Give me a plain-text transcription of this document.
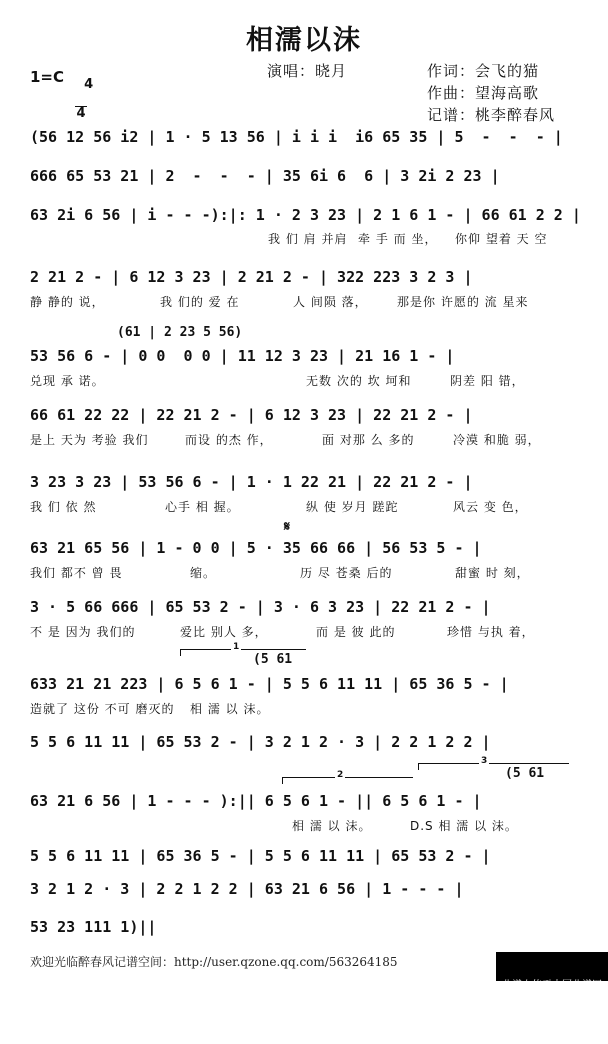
相濡以沫
演唱：晓月	作词：会飞的猫
作曲：望海高歌
记谱：桃李醉春风
1=C	4

4

(56 12 56 i2 | 1 · 5 13 56 | i i i  i6 65 35 | 5  -  -  - |
666 65 53 21 | 2  -  -  - | 35 6i 6  6 | 3 2i 2 23 |
63 2i 6 56 | i - - -):|: 1 · 2 3 23 | 2 1 6 1 - | 66 61 2 2 |
我 们 肩 并肩 牵 手 而 坐， 你仰 望着 天 空
2 21 2 - | 6 12 3 23 | 2 21 2 - | 322 223 3 2 3 |
静 静的 说，	我 们的 爱 在	人 间陨 落， 那是你 许愿的 流 星来
(61 | 2 23 5 56)
53 56 6 - | 0 0  0 0 | 11 12 3 23 | 21 16 1 - |
兑现 承 诺。	无数 次的 坎 坷和	阴差 阳 错，
66 61 22 22 | 22 21 2 - | 6 12 3 23 | 22 21 2 - |
是上 天为 考验 我们	而设 的杰 作，	面 对那 么 多的	冷漠 和脆 弱，
3 23 3 23 | 53 56 6 - | 1 · 1 22 21 | 22 21 2 - |
我 们 依 然	心手 相 握。	纵 使 岁月 蹉跎	风云 变 色，
𝄋
63 21 65 56 | 1 - 0 0 | 5 · 35 66 66 | 56 53 5 - |
我们 都不 曾 畏	缩。	历 尽 苍桑 后的	甜蜜 时 刻，
3 · 5 66 666 | 65 53 2 - | 3 · 6 3 23 | 22 21 2 - |
不 是 因为 我们的	爱比 别人 多，	而 是 彼 此的	珍惜 与执 着，
1
(5 61
633 21 21 223 | 6 5 6 1 - | 5 5 6 11 11 | 65 36 5 - |
造就了 这份 不可 磨灭的 相 濡 以 沫。
5 5 6 11 11 | 65 53 2 - | 3 2 1 2 · 3 | 2 2 1 2 2 |
2
3
(5 61
63 21 6 56 | 1 - - - ):|| 6 5 6 1 - || 6 5 6 1 - |
相 濡 以 沫。	D.S 相 濡 以 沫。
5 5 6 11 11 | 65 36 5 - | 5 5 6 11 11 | 65 53 2 - |
3 2 1 2 · 3 | 2 2 1 2 2 | 63 21 6 56 | 1 - - - |
53 23 111 1)||
欢迎光临醉春风记谱空间：http://user.qzone.qq.com/563264185

曲谱上传于中国曲谱网

http://qupu.haobi.net
